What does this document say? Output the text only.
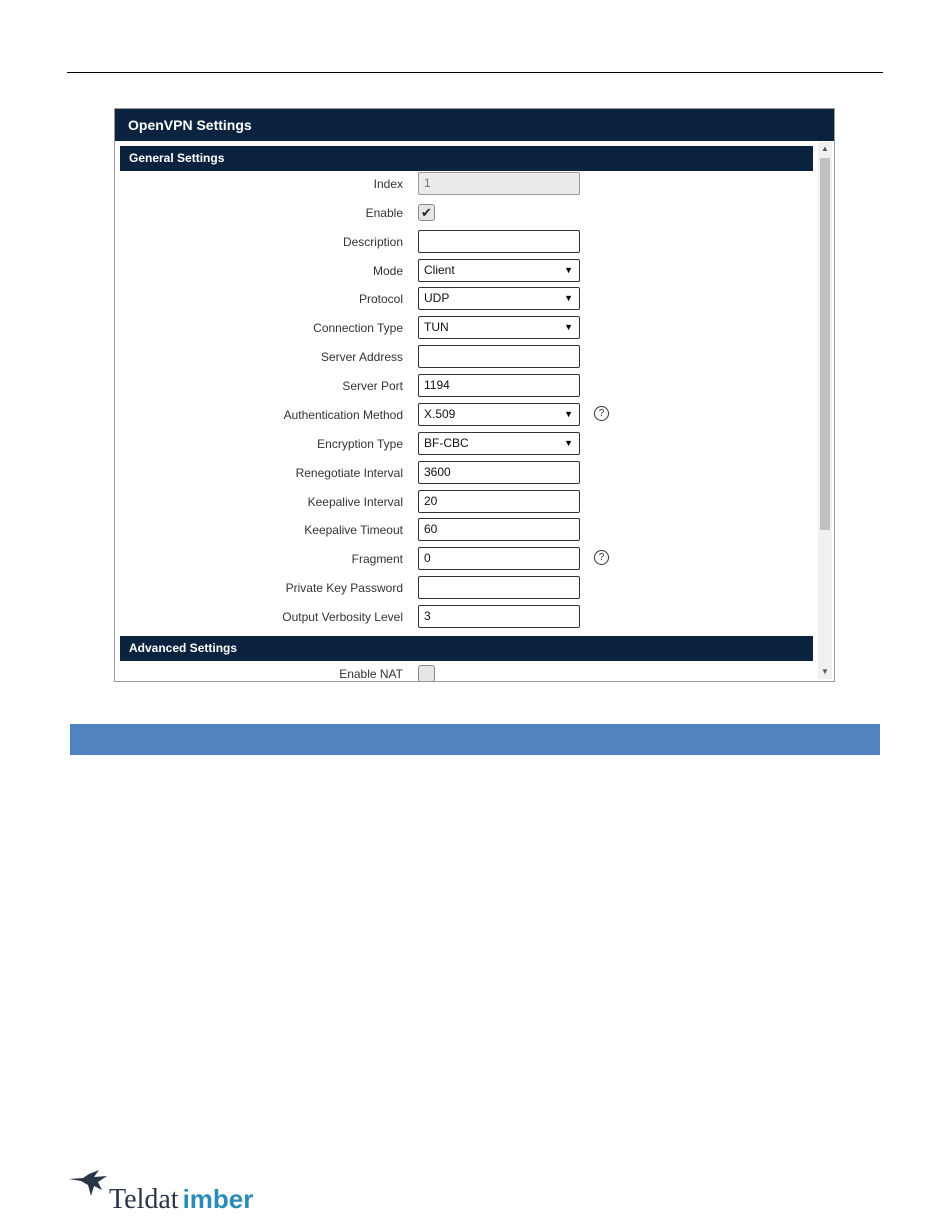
OpenVPN Settings
General Settings
Index	1
Enable ✔
Description
Mode	Client	▼
Protocol	UDP	▼
Connection Type	TUN	▼
Server Address
Server Port	1194
Authentication Method	X.509	▼	?
Encryption Type	BF-CBC	▼
Renegotiate Interval	3600
Keepalive Interval	20
Keepalive Timeout	60
Fragment	0	?
Private Key Password
Output Verbosity Level	3
Advanced Settings
Enable NAT
▲
▼
Teldat imber
